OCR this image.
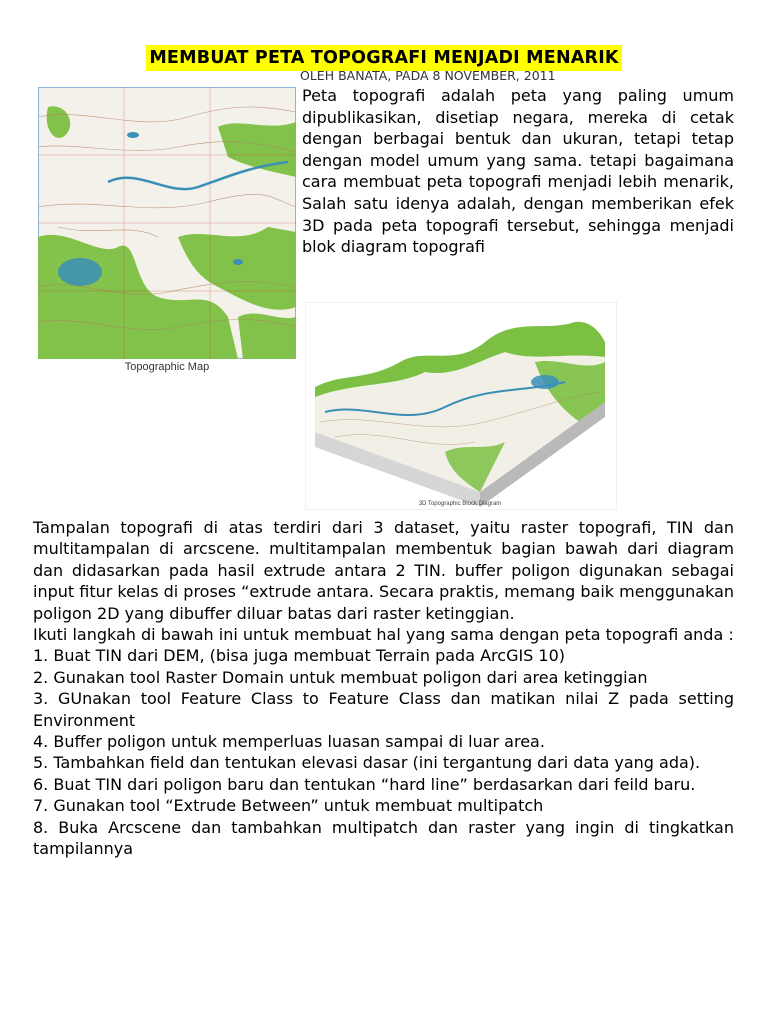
MEMBUAT PETA TOPOGRAFI MENJADI MENARIK
OLEH BANATA, PADA 8 NOVEMBER, 2011
Topographic Map
Peta topografi adalah peta yang paling umum dipublikasikan, disetiap negara, mereka di cetak dengan berbagai bentuk dan ukuran, tetapi tetap dengan model umum yang sama. tetapi bagaimana cara membuat peta topografi menjadi lebih menarik, Salah satu idenya adalah, dengan memberikan efek 3D pada peta topografi tersebut, sehingga menjadi blok diagram topografi
3D Topographic Block Diagram

Tampalan topografi di atas terdiri dari 3 dataset, yaitu raster topografi, TIN dan multitampalan di arcscene. multitampalan membentuk bagian bawah dari diagram dan didasarkan pada hasil extrude antara 2 TIN. buffer poligon digunakan sebagai input fitur kelas di proses “extrude antara. Secara praktis, memang baik menggunakan poligon 2D yang dibuffer diluar batas dari raster ketinggian.

Ikuti langkah di bawah ini untuk membuat hal yang sama dengan peta topografi anda :

1. Buat TIN dari DEM, (bisa juga membuat Terrain pada ArcGIS 10)
2. Gunakan tool Raster Domain untuk membuat poligon dari area ketinggian
3. GUnakan tool Feature Class to Feature Class dan matikan nilai Z pada setting Environment
4. Buffer poligon untuk memperluas luasan sampai di luar area.
5. Tambahkan field dan tentukan elevasi dasar (ini tergantung dari data yang ada).
6. Buat TIN dari poligon baru dan tentukan “hard line” berdasarkan dari feild baru.
7. Gunakan tool “Extrude Between” untuk membuat multipatch
8. Buka Arcscene dan tambahkan multipatch dan raster yang ingin di tingkatkan tampilannya
